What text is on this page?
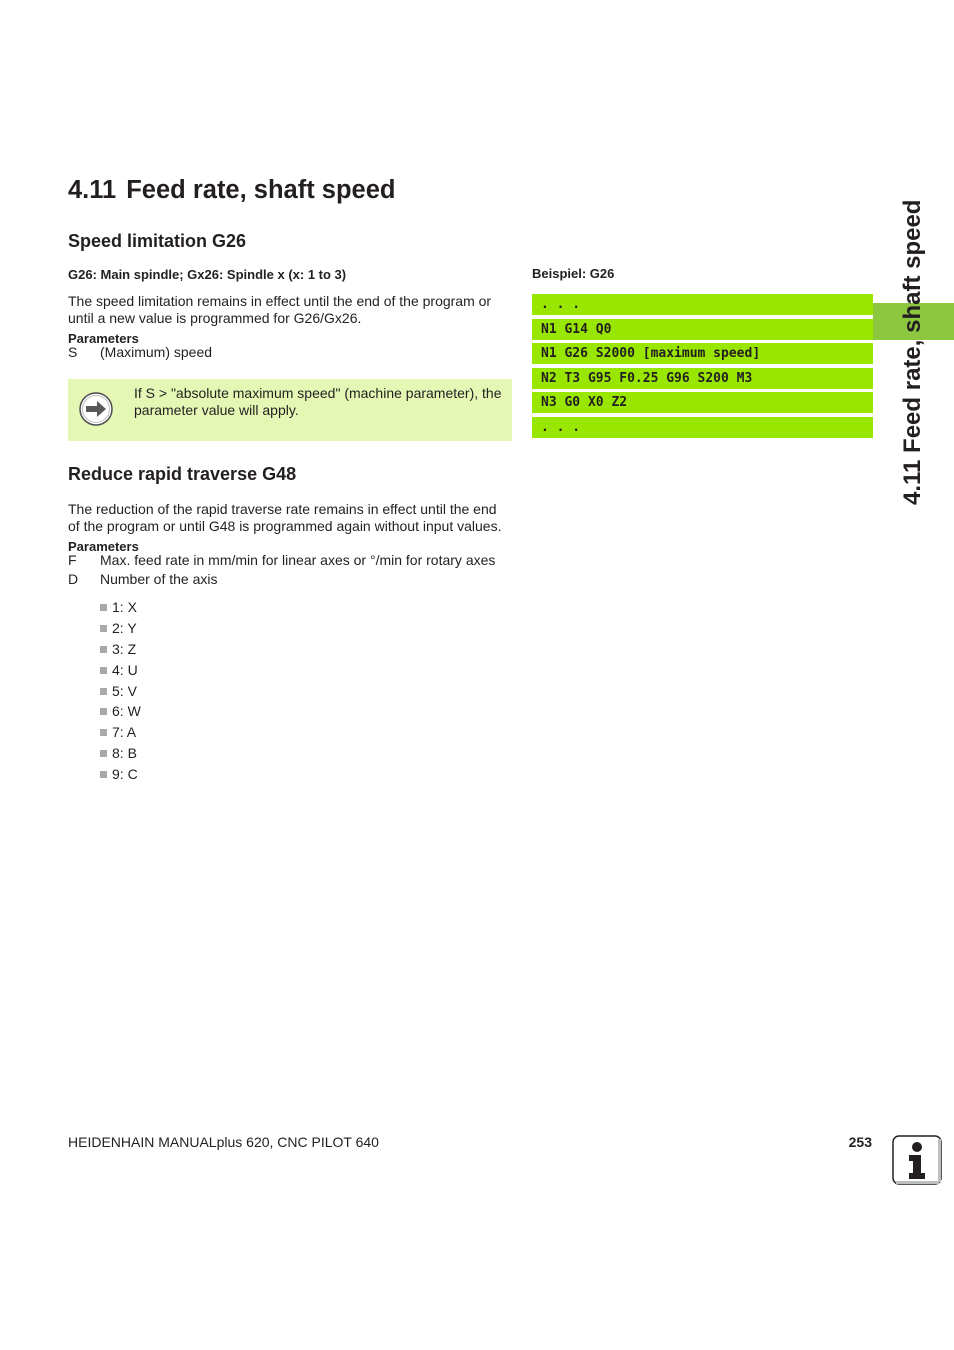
4.11 Feed rate, shaft speed
Speed limitation G26
G26: Main spindle; Gx26: Spindle x (x: 1 to 3)

The speed limitation remains in effect until the end of the program or until a new value is programmed for G26/Gx26.

Parameters
S	(Maximum) speed
If S > "absolute maximum speed" (machine parameter), the parameter value will apply.
Beispiel: G26
. . .
N1 G14 Q0
N1 G26 S2000 [maximum speed]
N2 T3 G95 F0.25 G96 S200 M3
N3 G0 X0 Z2
. . .
Reduce rapid traverse G48

The reduction of the rapid traverse rate remains in effect until the end of the program or until G48 is programmed again without input values.

Parameters
F	Max. feed rate in mm/min for linear axes or °/min for rotary axes
D	Number of the axis
1: X
2: Y
3: Z
4: U
5: V
6: W
7: A
8: B
9: C
4.11 Feed rate, shaft speed
HEIDENHAIN MANUALplus 620, CNC PILOT 640	253
